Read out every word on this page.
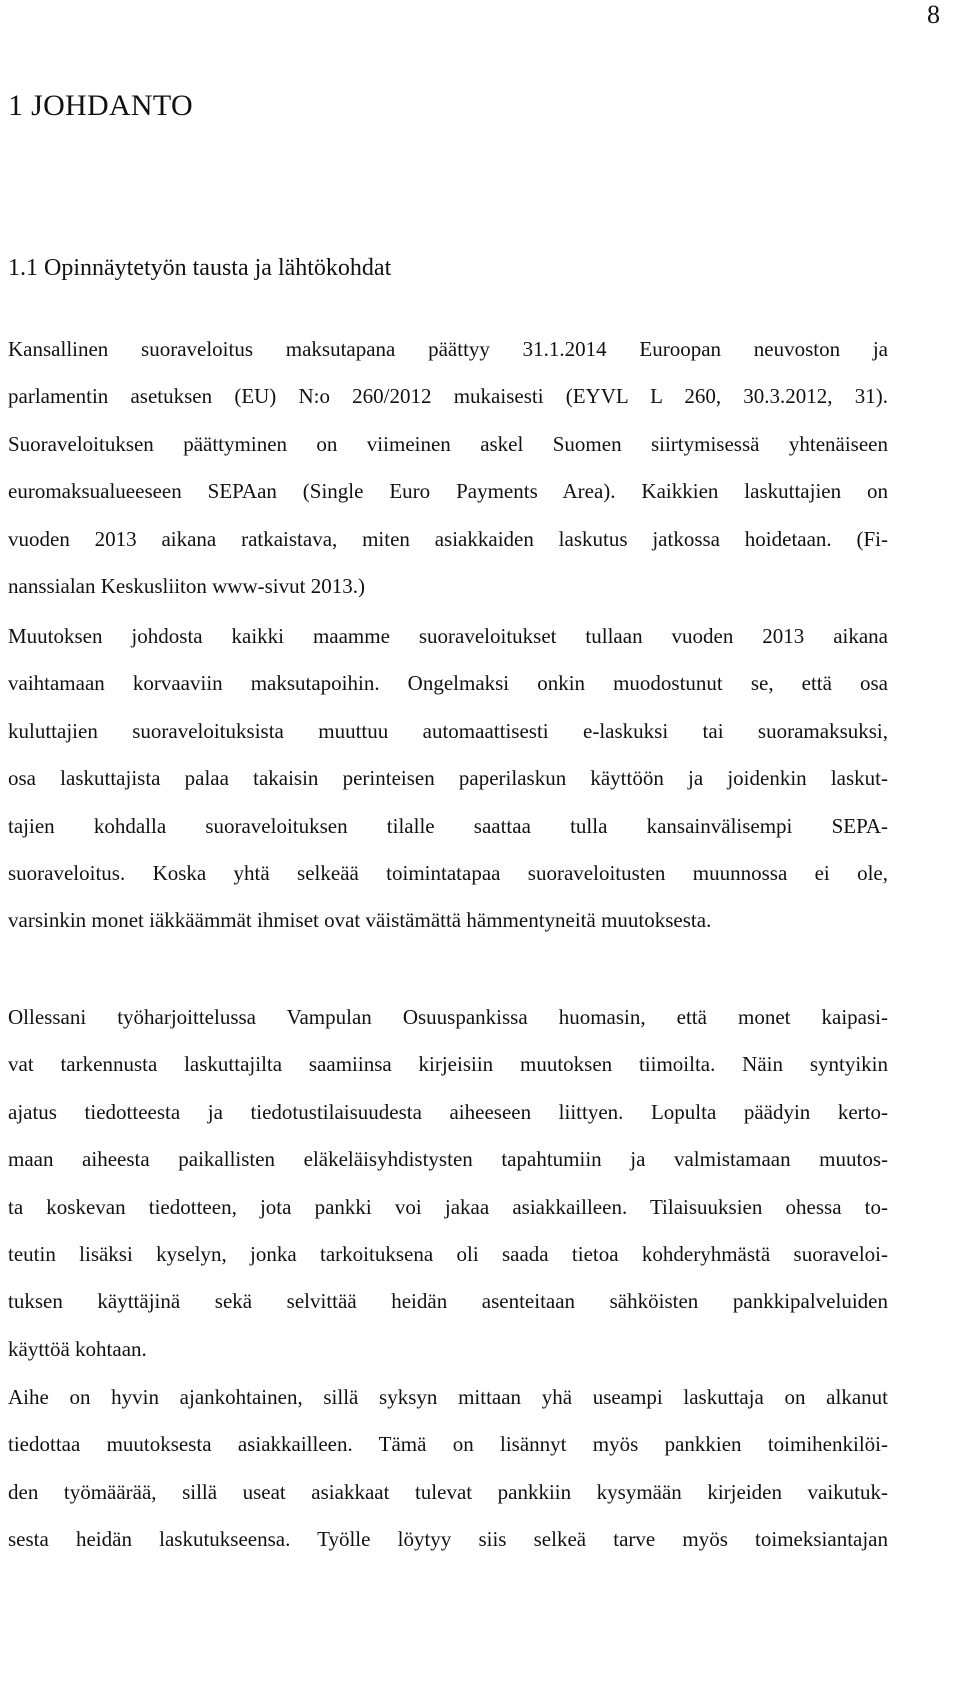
8
1 JOHDANTO
1.1 Opinnäytetyön tausta ja lähtökohdat

Kansallinen suoraveloitus maksutapana päättyy 31.1.2014 Euroopan neuvoston ja
parlamentin asetuksen (EU) N:o 260/2012 mukaisesti (EYVL L 260, 30.3.2012, 31).
Suoraveloituksen päättyminen on viimeinen askel Suomen siirtymisessä yhtenäiseen
euromaksualueeseen SEPAan (Single Euro Payments Area). Kaikkien laskuttajien on
vuoden 2013 aikana ratkaistava, miten asiakkaiden laskutus jatkossa hoidetaan. (Fi-
nanssialan Keskusliiton www-sivut 2013.)

Muutoksen johdosta kaikki maamme suoraveloitukset tullaan vuoden 2013 aikana
vaihtamaan korvaaviin maksutapoihin. Ongelmaksi onkin muodostunut se, että osa
kuluttajien suoraveloituksista muuttuu automaattisesti e-laskuksi tai suoramaksuksi,
osa laskuttajista palaa takaisin perinteisen paperilaskun käyttöön ja joidenkin laskut-
tajien kohdalla suoraveloituksen tilalle saattaa tulla kansainvälisempi SEPA-
suoraveloitus. Koska yhtä selkeää toimintatapaa suoraveloitusten muunnossa ei ole,
varsinkin monet iäkkäämmät ihmiset ovat väistämättä hämmentyneitä muutoksesta.

Ollessani työharjoittelussa Vampulan Osuuspankissa huomasin, että monet kaipasi-
vat tarkennusta laskuttajilta saamiinsa kirjeisiin muutoksen tiimoilta. Näin syntyikin
ajatus tiedotteesta ja tiedotustilaisuudesta aiheeseen liittyen. Lopulta päädyin kerto-
maan aiheesta paikallisten eläkeläisyhdistysten tapahtumiin ja valmistamaan muutos-
ta koskevan tiedotteen, jota pankki voi jakaa asiakkailleen. Tilaisuuksien ohessa to-
teutin lisäksi kyselyn, jonka tarkoituksena oli saada tietoa kohderyhmästä suoraveloi-
tuksen käyttäjinä sekä selvittää heidän asenteitaan sähköisten pankkipalveluiden
käyttöä kohtaan.

Aihe on hyvin ajankohtainen, sillä syksyn mittaan yhä useampi laskuttaja on alkanut
tiedottaa muutoksesta asiakkailleen. Tämä on lisännyt myös pankkien toimihenkilöi-
den työmäärää, sillä useat asiakkaat tulevat pankkiin kysymään kirjeiden vaikutuk-
sesta heidän laskutukseensa. Työlle löytyy siis selkeä tarve myös toimeksiantajan
